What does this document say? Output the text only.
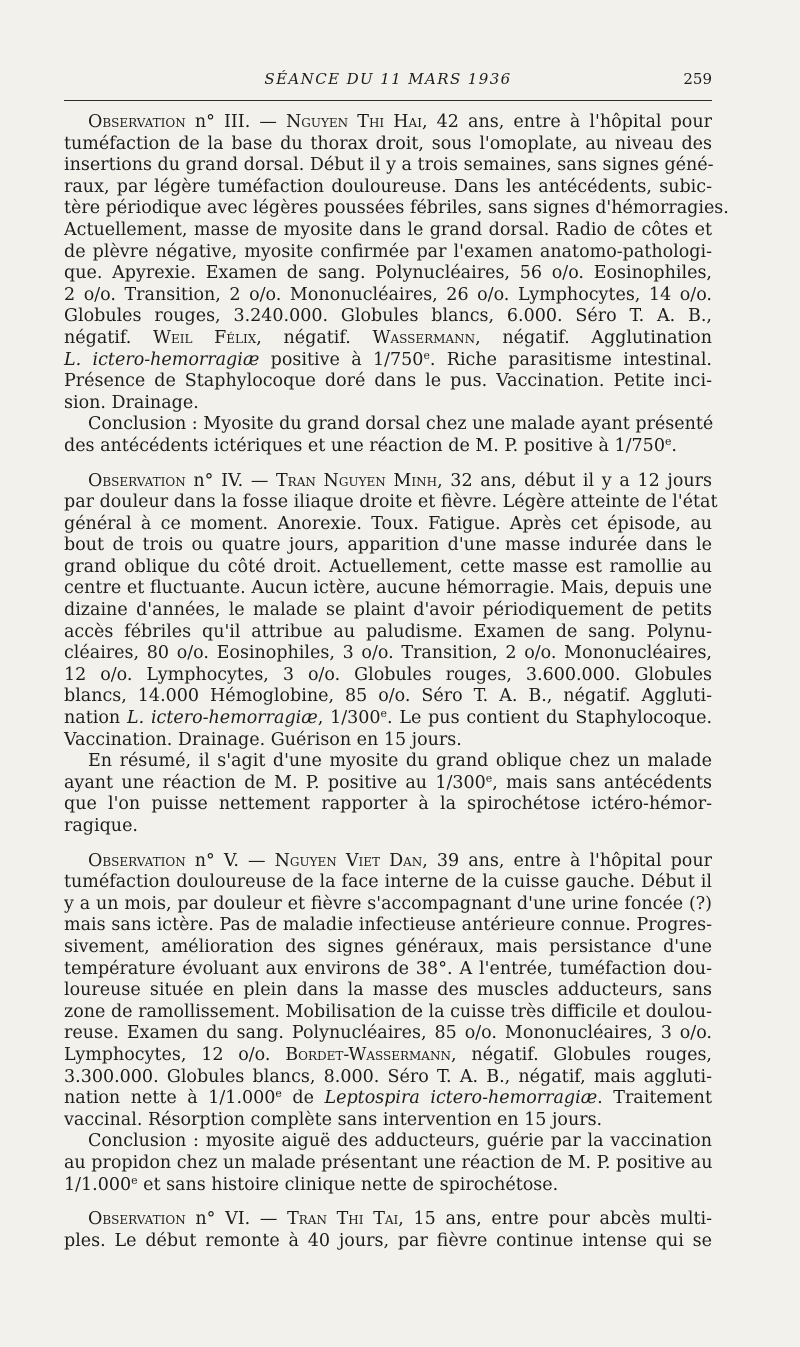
SÉANCE DU 11 MARS 1936	259
Observation n° III. — Nguyen Thi Hai, 42 ans, entre à l'hôpital pour
tuméfaction de la base du thorax droit, sous l'omoplate, au niveau des
insertions du grand dorsal. Début il y a trois semaines, sans signes géné-
raux, par légère tuméfaction douloureuse. Dans les antécédents, subic-
tère périodique avec légères poussées fébriles, sans signes d'hémorragies.
Actuellement, masse de myosite dans le grand dorsal. Radio de côtes et
de plèvre négative, myosite confirmée par l'examen anatomo-pathologi-
que. Apyrexie. Examen de sang. Polynucléaires, 56 o/o. Eosinophiles,
2 o/o. Transition, 2 o/o. Mononucléaires, 26 o/o. Lymphocytes, 14 o/o.
Globules rouges, 3.240.000. Globules blancs, 6.000. Séro T. A. B.,
négatif. Weil Félix, négatif. Wassermann, négatif. Agglutination
L. ictero-hemorragiæ positive à 1/750e. Riche parasitisme intestinal.
Présence de Staphylocoque doré dans le pus. Vaccination. Petite inci-
sion. Drainage.
Conclusion : Myosite du grand dorsal chez une malade ayant présenté
des antécédents ictériques et une réaction de M. P. positive à 1/750e.
Observation n° IV. — Tran Nguyen Minh, 32 ans, début il y a 12 jours
par douleur dans la fosse iliaque droite et fièvre. Légère atteinte de l'état
général à ce moment. Anorexie. Toux. Fatigue. Après cet épisode, au
bout de trois ou quatre jours, apparition d'une masse indurée dans le
grand oblique du côté droit. Actuellement, cette masse est ramollie au
centre et fluctuante. Aucun ictère, aucune hémorragie. Mais, depuis une
dizaine d'années, le malade se plaint d'avoir périodiquement de petits
accès fébriles qu'il attribue au paludisme. Examen de sang. Polynu-
cléaires, 80 o/o. Eosinophiles, 3 o/o. Transition, 2 o/o. Mononucléaires,
12 o/o. Lymphocytes, 3 o/o. Globules rouges, 3.600.000. Globules
blancs, 14.000 Hémoglobine, 85 o/o. Séro T. A. B., négatif. Aggluti-
nation L. ictero-hemorragiæ, 1/300e. Le pus contient du Staphylocoque.
Vaccination. Drainage. Guérison en 15 jours.
En résumé, il s'agit d'une myosite du grand oblique chez un malade
ayant une réaction de M. P. positive au 1/300e, mais sans antécédents
que l'on puisse nettement rapporter à la spirochétose ictéro-hémor-
ragique.
Observation n° V. — Nguyen Viet Dan, 39 ans, entre à l'hôpital pour
tuméfaction douloureuse de la face interne de la cuisse gauche. Début il
y a un mois, par douleur et fièvre s'accompagnant d'une urine foncée (?)
mais sans ictère. Pas de maladie infectieuse antérieure connue. Progres-
sivement, amélioration des signes généraux, mais persistance d'une
température évoluant aux environs de 38°. A l'entrée, tuméfaction dou-
loureuse située en plein dans la masse des muscles adducteurs, sans
zone de ramollissement. Mobilisation de la cuisse très difficile et doulou-
reuse. Examen du sang. Polynucléaires, 85 o/o. Mononucléaires, 3 o/o.
Lymphocytes, 12 o/o. Bordet-Wassermann, négatif. Globules rouges,
3.300.000. Globules blancs, 8.000. Séro T. A. B., négatif, mais aggluti-
nation nette à 1/1.000e de Leptospira ictero-hemorragiæ. Traitement
vaccinal. Résorption complète sans intervention en 15 jours.
Conclusion : myosite aiguë des adducteurs, guérie par la vaccination
au propidon chez un malade présentant une réaction de M. P. positive au
1/1.000e et sans histoire clinique nette de spirochétose.
Observation n° VI. — Tran Thi Tai, 15 ans, entre pour abcès multi-
ples. Le début remonte à 40 jours, par fièvre continue intense qui se
